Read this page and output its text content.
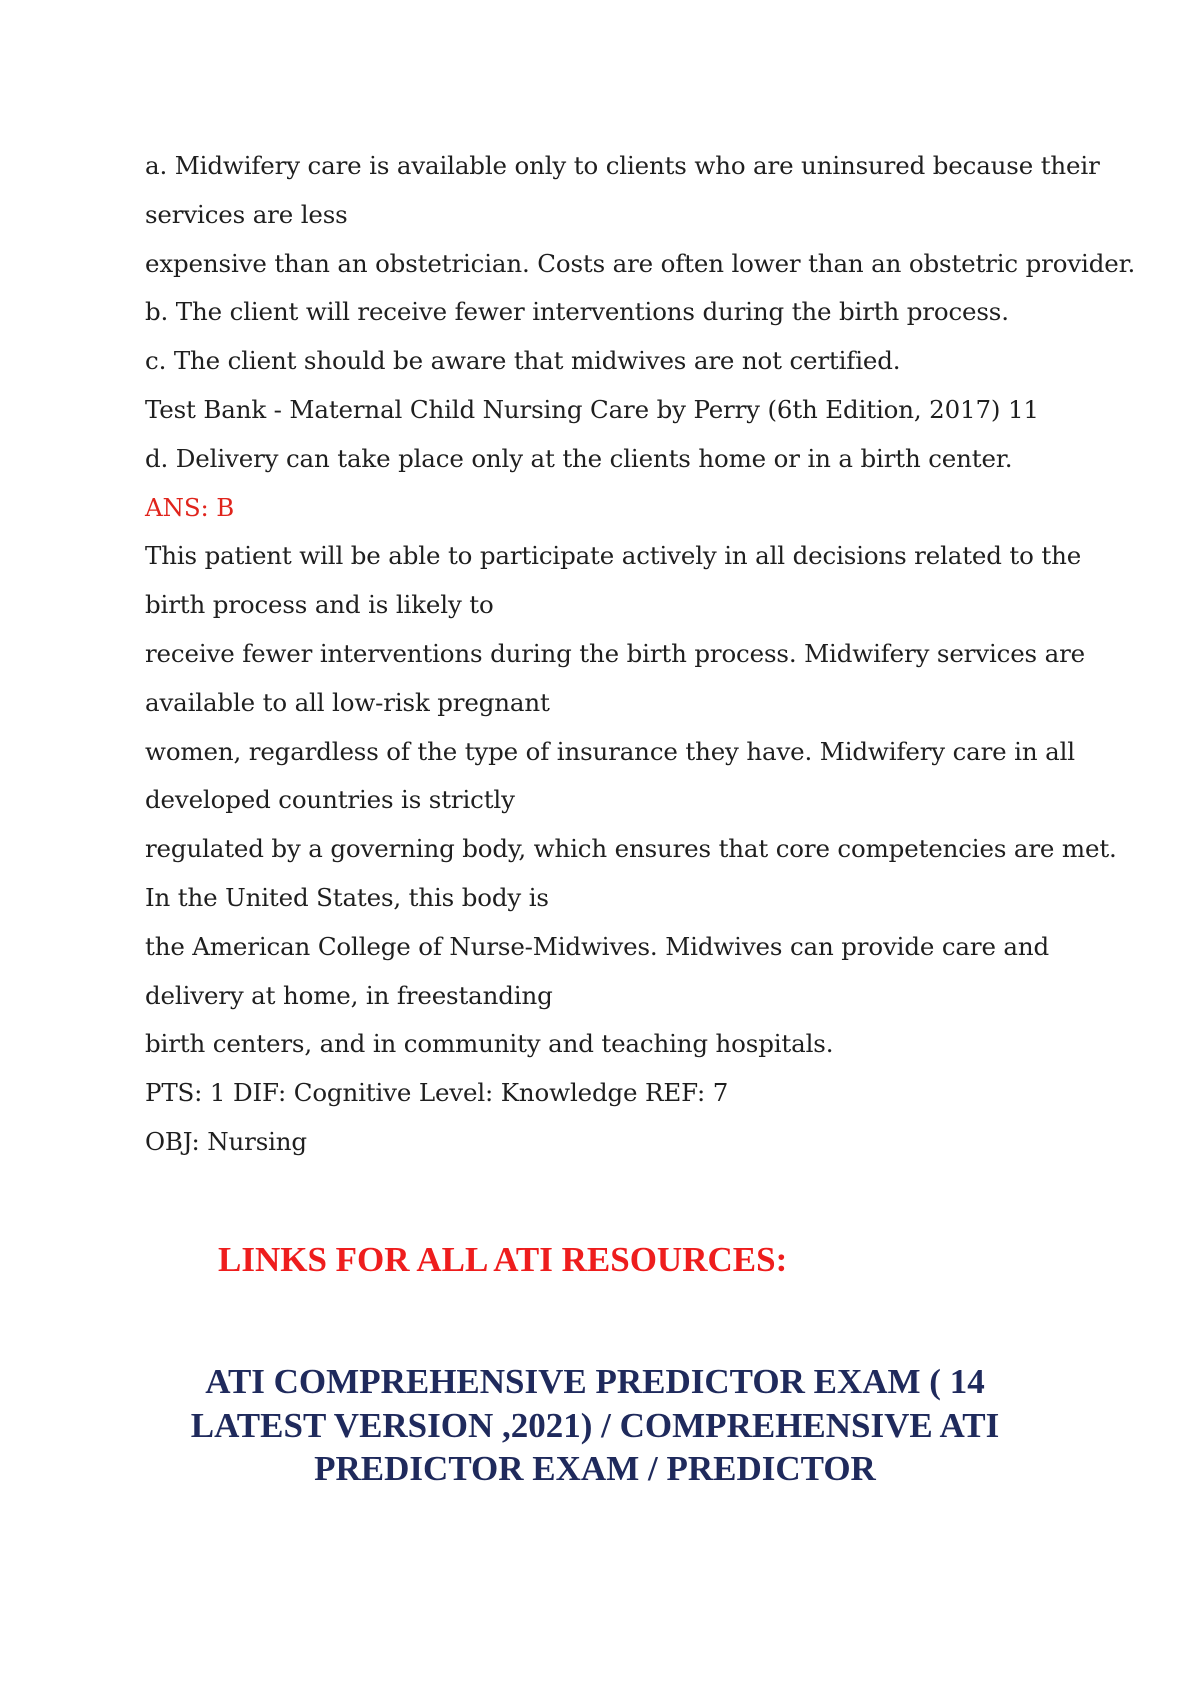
a. Midwifery care is available only to clients who are uninsured because their
services are less
expensive than an obstetrician. Costs are often lower than an obstetric provider.
b. The client will receive fewer interventions during the birth process.
c. The client should be aware that midwives are not certified.
Test Bank - Maternal Child Nursing Care by Perry (6th Edition, 2017) 11
d. Delivery can take place only at the clients home or in a birth center.
ANS: B
This patient will be able to participate actively in all decisions related to the
birth process and is likely to
receive fewer interventions during the birth process. Midwifery services are
available to all low-risk pregnant
women, regardless of the type of insurance they have. Midwifery care in all
developed countries is strictly
regulated by a governing body, which ensures that core competencies are met.
In the United States, this body is
the American College of Nurse-Midwives. Midwives can provide care and
delivery at home, in freestanding
birth centers, and in community and teaching hospitals.
PTS: 1 DIF: Cognitive Level: Knowledge REF: 7
OBJ: Nursing
LINKS FOR ALL ATI RESOURCES:
ATI COMPREHENSIVE PREDICTOR EXAM ( 14
LATEST VERSION ,2021) / COMPREHENSIVE ATI
PREDICTOR EXAM / PREDICTOR
